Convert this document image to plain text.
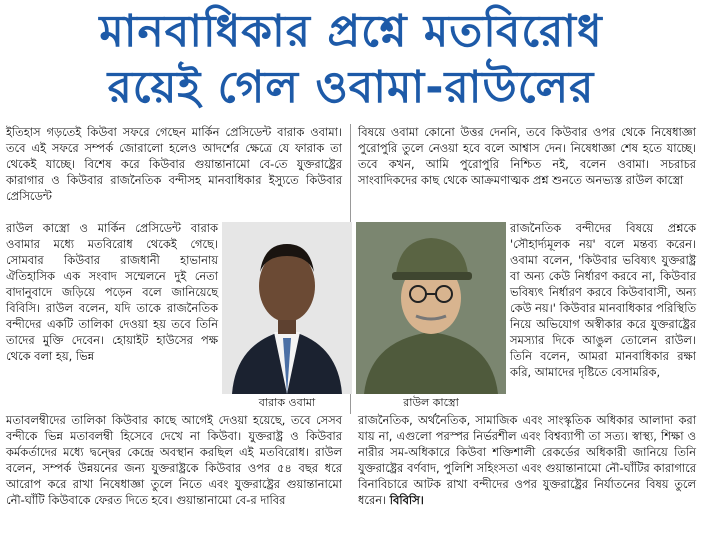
মানবাধিকার প্রশ্নে মতবিরোধ
রয়েই গেল ওবামা-রাউলের

ইতিহাস গড়তেই কিউবা সফরে গেছেন মার্কিন প্রেসিডেন্ট বারাক ওবামা। তবে এই সফরে সম্পর্ক জোরালো হলেও আদর্শের ক্ষেত্রে যে ফারাক তা থেকেই যাচ্ছে। বিশেষ করে কিউবার গুয়ান্তানামো বে-তে যুক্তরাষ্ট্রের কারাগার ও কিউবার রাজনৈতিক বন্দীসহ মানবাধিকার ইস্যুতে কিউবার প্রেসিডেন্ট

রাউল কাস্ত্রো ও মার্কিন প্রেসিডেন্ট বারাক ওবামার মধ্যে মতবিরোধ থেকেই গেছে। সোমবার কিউবার রাজধানী হাভানায় ঐতিহাসিক এক সংবাদ সম্মেলনে দুই নেতা বাদানুবাদে জড়িয়ে পড়েন বলে জানিয়েছে বিবিসি। রাউল বলেন, যদি তাকে রাজনৈতিক বন্দীদের একটি তালিকা দেওয়া হয় তবে তিনি তাদের মুক্তি দেবেন। হোয়াইট হাউসের পক্ষ থেকে বলা হয়, ভিন্ন

মতাবলম্বীদের তালিকা কিউবার কাছে আগেই দেওয়া হয়েছে, তবে সেসব বন্দীকে ভিন্ন মতাবলম্বী হিসেবে দেখে না কিউবা। যুক্তরাষ্ট্র ও কিউবার কর্মকর্তাদের মধ্যে দ্বন্দ্বের কেন্দ্রে অবস্থান করছিল এই মতবিরোধ। রাউল বলেন, সম্পর্ক উন্নয়নের জন্য যুক্তরাষ্ট্রকে কিউবার ওপর ৫৪ বছর ধরে আরোপ করে রাখা নিষেধাজ্ঞা তুলে নিতে এবং যুক্তরাষ্ট্রের গুয়ান্তানামো নৌ-ঘাঁটি কিউবাকে ফেরত দিতে হবে। গুয়ান্তানামো বে-র দাবির

বিষয়ে ওবামা কোনো উত্তর দেননি, তবে কিউবার ওপর থেকে নিষেধাজ্ঞা পুরোপুরি তুলে নেওয়া হবে বলে আশ্বাস দেন। নিষেধাজ্ঞা শেষ হতে যাচ্ছে। তবে কখন, আমি পুরোপুরি নিশ্চিত নই, বলেন ওবামা। সচরাচর সাংবাদিকদের কাছ থেকে আক্রমণাত্মক প্রশ্ন শুনতে অনভ্যস্ত রাউল কাস্ত্রো

রাজনৈতিক বন্দীদের বিষয়ে প্রশ্নকে 'সৌহার্দ্যমূলক নয়' বলে মন্তব্য করেন। ওবামা বলেন, 'কিউবার ভবিষ্যৎ যুক্তরাষ্ট্র বা অন্য কেউ নির্ধারণ করবে না, কিউবার ভবিষ্যৎ নির্ধারণ করবে কিউবাবাসী, অন্য কেউ নয়।' কিউবার মানবাধিকার পরিস্থিতি নিয়ে অভিযোগ অস্বীকার করে যুক্তরাষ্ট্রের সমস্যার দিকে আঙুল তোলেন রাউল। তিনি বলেন, আমরা মানবাধিকার রক্ষা করি, আমাদের দৃষ্টিতে বেসামরিক,

রাজনৈতিক, অর্থনৈতিক, সামাজিক এবং সাংস্কৃতিক অধিকার আলাদা করা যায় না, এগুলো পরস্পর নির্ভরশীল এবং বিশ্বব্যাপী তা সত্য। স্বাস্থ্য, শিক্ষা ও নারীর সম-অধিকারে কিউবা শক্তিশালী রেকর্ডের অধিকারী জানিয়ে তিনি যুক্তরাষ্ট্রের বর্ণবাদ, পুলিশি সহিংসতা এবং গুয়ান্তানামো নৌ-ঘাঁটির কারাগারে বিনাবিচারে আটক রাখা বন্দীদের ওপর যুক্তরাষ্ট্রের নির্যাতনের বিষয় তুলে ধরেন। বিবিসি।

বারাক ওবামা	রাউল কাস্ত্রো
